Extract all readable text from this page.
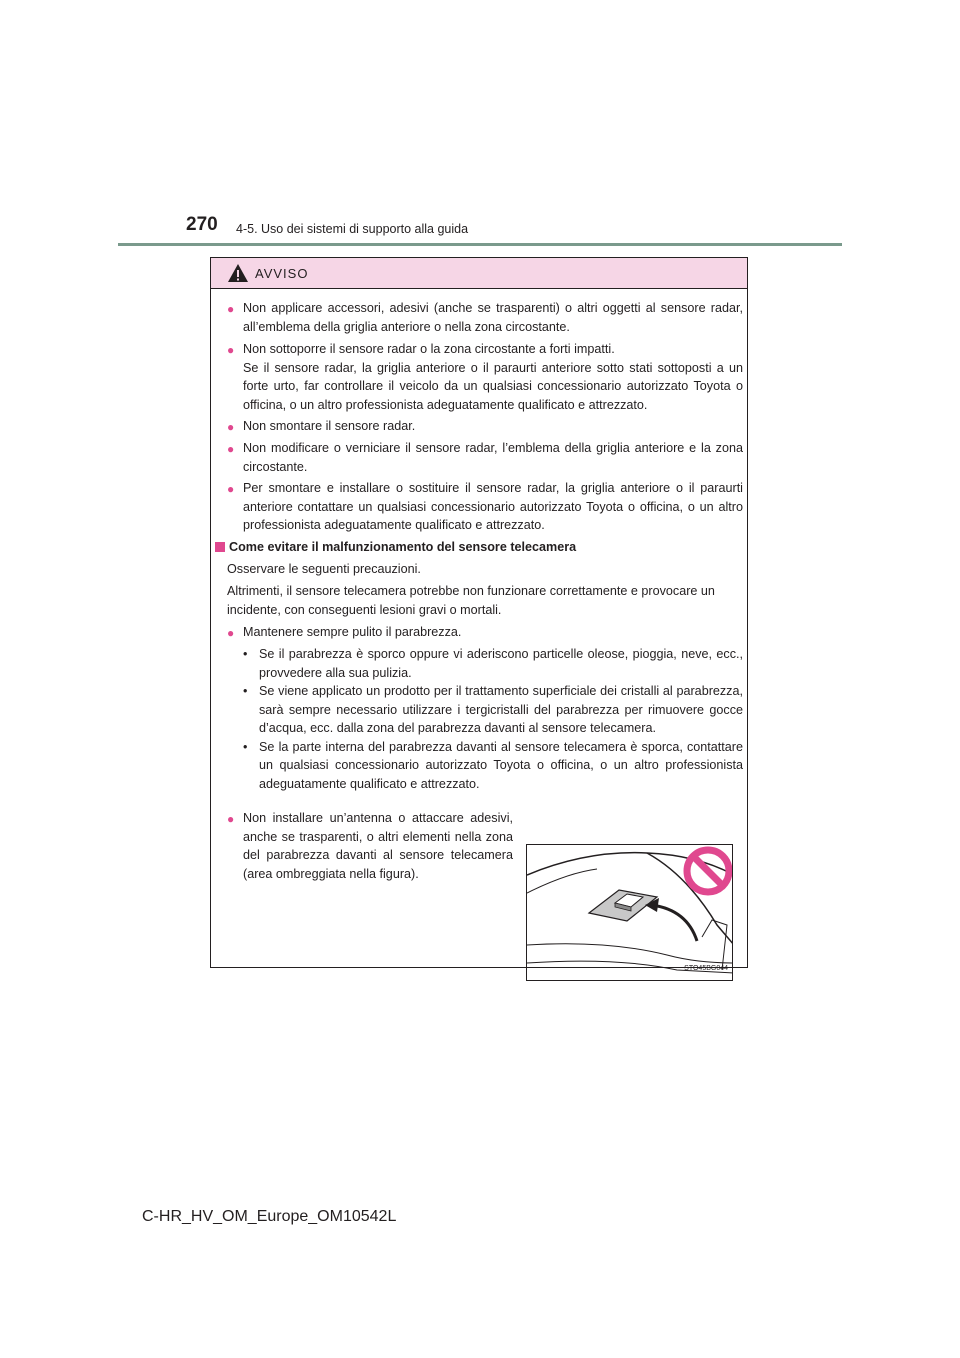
270 4-5. Uso dei sistemi di supporto alla guida
AVVISO
● Non applicare accessori, adesivi (anche se trasparenti) o altri oggetti al sensore radar, all’emblema della griglia anteriore o nella zona circostante.
● Non sottoporre il sensore radar o la zona circostante a forti impatti.
Se il sensore radar, la griglia anteriore o il paraurti anteriore sotto stati sottoposti a un forte urto, far controllare il veicolo da un qualsiasi concessionario autorizzato Toyota o officina, o un altro professionista adeguatamente qualificato e attrezzato.
● Non smontare il sensore radar.
● Non modificare o verniciare il sensore radar, l’emblema della griglia anteriore e la zona circostante.
● Per smontare e installare o sostituire il sensore radar, la griglia anteriore o il paraurti anteriore contattare un qualsiasi concessionario autorizzato Toyota o officina, o un altro professionista adeguatamente qualificato e attrezzato.
Come evitare il malfunzionamento del sensore telecamera
Osservare le seguenti precauzioni.
Altrimenti, il sensore telecamera potrebbe non funzionare correttamente e provocare un incidente, con conseguenti lesioni gravi o mortali.
● Mantenere sempre pulito il parabrezza.
• Se il parabrezza è sporco oppure vi aderiscono particelle oleose, pioggia, neve, ecc., provvedere alla sua pulizia.
• Se viene applicato un prodotto per il trattamento superficiale dei cristalli al parabrezza, sarà sempre necessario utilizzare i tergicristalli del parabrezza per rimuovere gocce d’acqua, ecc. dalla zona del parabrezza davanti al sensore telecamera.
• Se la parte interna del parabrezza davanti al sensore telecamera è sporca, contattare un qualsiasi concessionario autorizzato Toyota o officina, o un altro professionista adeguatamente qualificato e attrezzato.
● Non installare un’antenna o attaccare adesivi, anche se trasparenti, o altri elementi nella zona del parabrezza davanti al sensore telecamera (area ombreggiata nella figura).
STO45BG044
C-HR_HV_OM_Europe_OM10542L
